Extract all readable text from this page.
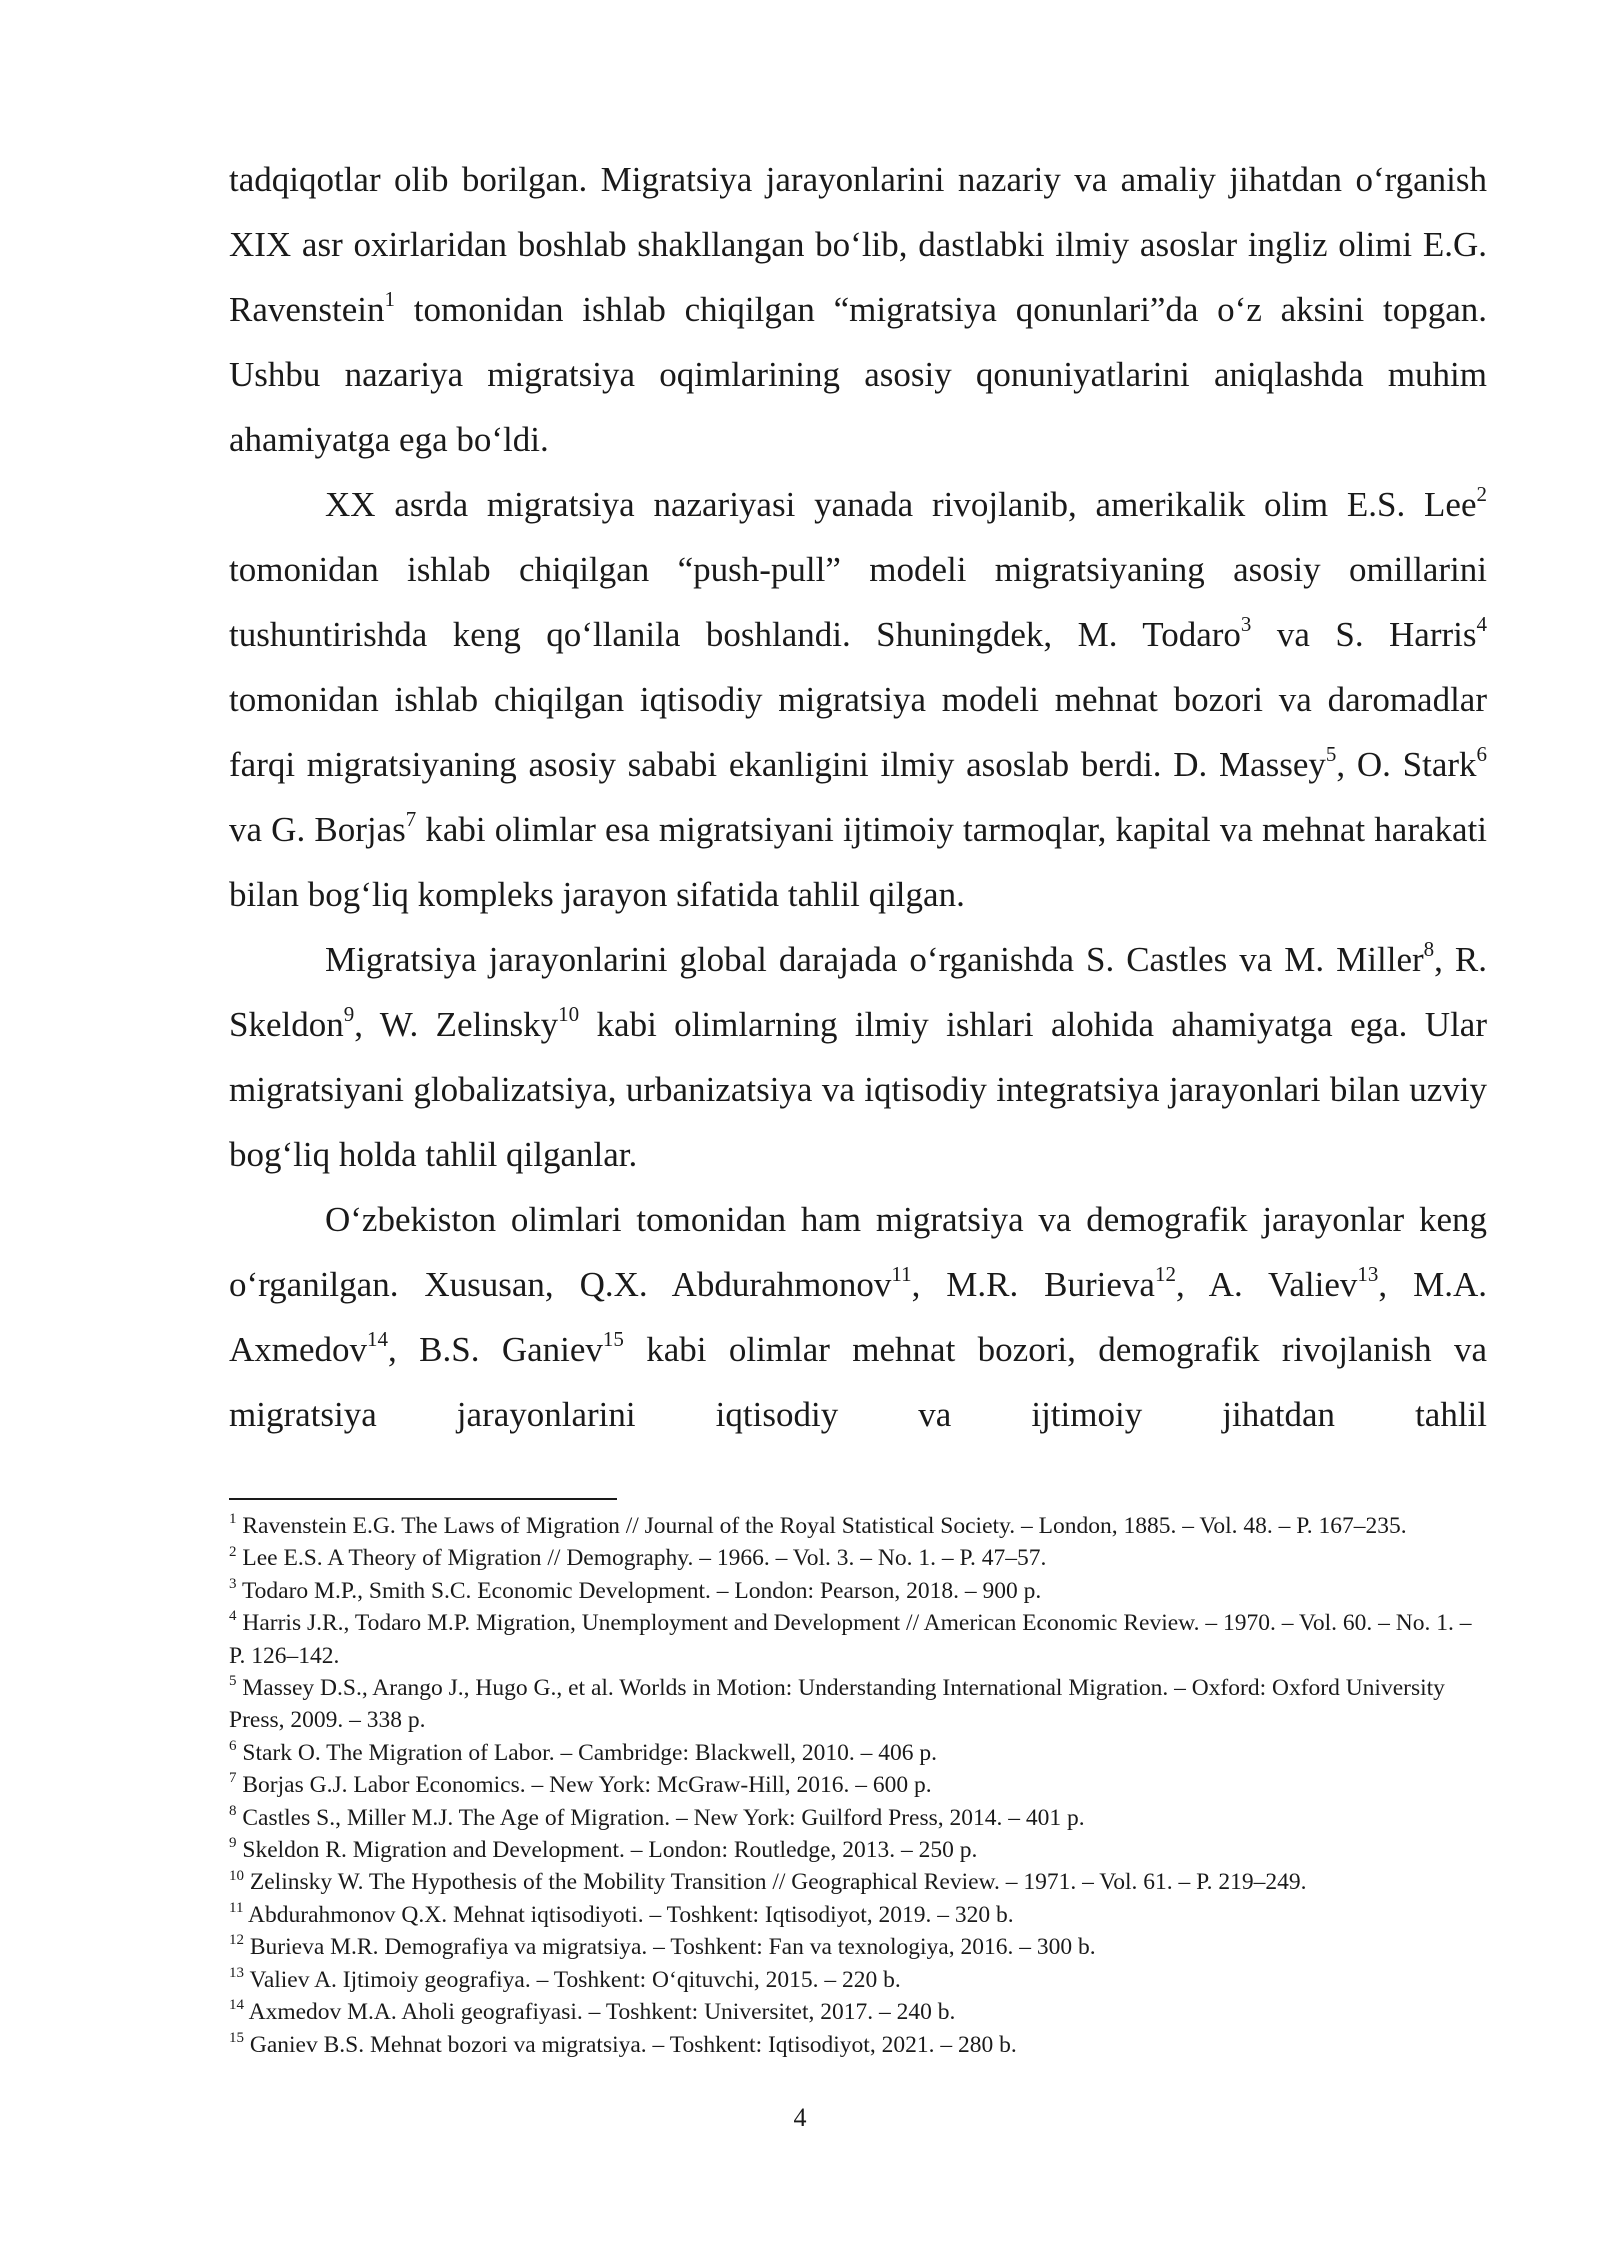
tadqiqotlar olib borilgan. Migratsiya jarayonlarini nazariy va amaliy jihatdan o‘rganish XIX asr oxirlaridan boshlab shakllangan bo‘lib, dastlabki ilmiy asoslar ingliz olimi E.G. Ravenstein$^1$ tomonidan ishlab chiqilgan “migratsiya qonunlari”da o‘z aksini topgan. Ushbu nazariya migratsiya oqimlarining asosiy qonuniyatlarini aniqlashda muhim ahamiyatga ega bo‘ldi.

XX asrda migratsiya nazariyasi yanada rivojlanib, amerikalik olim E.S. Lee$^2$ tomonidan ishlab chiqilgan “push-pull” modeli migratsiyaning asosiy omillarini tushuntirishda keng qo‘llanila boshlandi. Shuningdek, M. Todaro$^3$ va S. Harris$^4$ tomonidan ishlab chiqilgan iqtisodiy migratsiya modeli mehnat bozori va daromadlar farqi migratsiyaning asosiy sababi ekanligini ilmiy asoslab berdi. D. Massey$^5$, O. Stark$^6$ va G. Borjas$^7$ kabi olimlar esa migratsiyani ijtimoiy tarmoqlar, kapital va mehnat harakati bilan bog‘liq kompleks jarayon sifatida tahlil qilgan.

Migratsiya jarayonlarini global darajada o‘rganishda S. Castles va M. Miller$^8$, R. Skeldon$^9$, W. Zelinsky$^{10}$ kabi olimlarning ilmiy ishlari alohida ahamiyatga ega. Ular migratsiyani globalizatsiya, urbanizatsiya va iqtisodiy integratsiya jarayonlari bilan uzviy bog‘liq holda tahlil qilganlar.

O‘zbekiston olimlari tomonidan ham migratsiya va demografik jarayonlar keng o‘rganilgan. Xususan, Q.X. Abdurahmonov$^{11}$, M.R. Burieva$^{12}$, A. Valiev$^{13}$, M.A. Axmedov$^{14}$, B.S. Ganiev$^{15}$ kabi olimlar mehnat bozori, demografik rivojlanish va migratsiya jarayonlarini iqtisodiy va ijtimoiy jihatdan tahlil

$^1$ Ravenstein E.G. The Laws of Migration // Journal of the Royal Statistical Society. – London, 1885. – Vol. 48. – P. 167–235.

$^2$ Lee E.S. A Theory of Migration // Demography. – 1966. – Vol. 3. – No. 1. – P. 47–57.

$^3$ Todaro M.P., Smith S.C. Economic Development. – London: Pearson, 2018. – 900 p.

$^4$ Harris J.R., Todaro M.P. Migration, Unemployment and Development // American Economic Review. – 1970. – Vol. 60. – No. 1. – P. 126–142.

$^5$ Massey D.S., Arango J., Hugo G., et al. Worlds in Motion: Understanding International Migration. – Oxford: Oxford University Press, 2009. – 338 p.

$^6$ Stark O. The Migration of Labor. – Cambridge: Blackwell, 2010. – 406 p.

$^7$ Borjas G.J. Labor Economics. – New York: McGraw-Hill, 2016. – 600 p.

$^8$ Castles S., Miller M.J. The Age of Migration. – New York: Guilford Press, 2014. – 401 p.

$^9$ Skeldon R. Migration and Development. – London: Routledge, 2013. – 250 p.

$^{10}$ Zelinsky W. The Hypothesis of the Mobility Transition // Geographical Review. – 1971. – Vol. 61. – P. 219–249.

$^{11}$ Abdurahmonov Q.X. Mehnat iqtisodiyoti. – Toshkent: Iqtisodiyot, 2019. – 320 b.

$^{12}$ Burieva M.R. Demografiya va migratsiya. – Toshkent: Fan va texnologiya, 2016. – 300 b.

$^{13}$ Valiev A. Ijtimoiy geografiya. – Toshkent: O‘qituvchi, 2015. – 220 b.

$^{14}$ Axmedov M.A. Aholi geografiyasi. – Toshkent: Universitet, 2017. – 240 b.

$^{15}$ Ganiev B.S. Mehnat bozori va migratsiya. – Toshkent: Iqtisodiyot, 2021. – 280 b.

4
